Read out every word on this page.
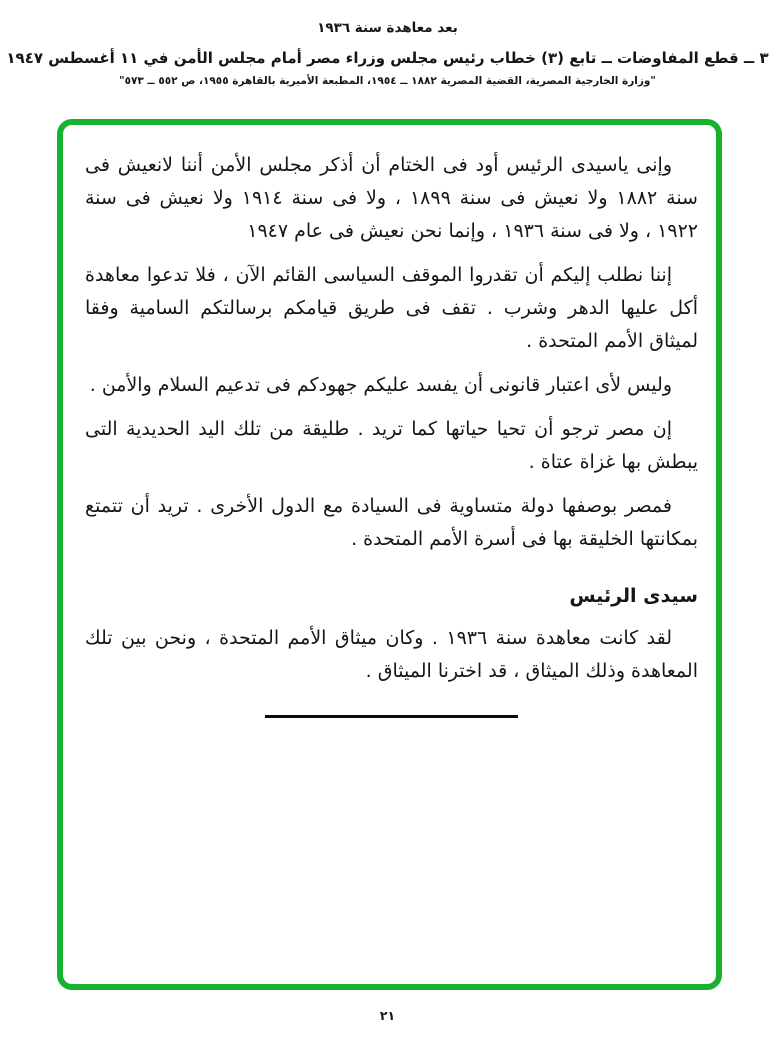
بعد معاهدة سنة ١٩٣٦
٣ ــ قطع المفاوضات ــ تابع (٣) خطاب رئيس مجلس وزراء مصر أمام مجلس الأمن في ١١ أغسطس ١٩٤٧
"وزارة الخارجية المصرية، القضية المصرية ١٨٨٢ ــ ١٩٥٤، المطبعة الأميرية بالقاهرة ١٩٥٥، ص ٥٥٢ ــ ٥٧٣"

وإنى ياسيدى الرئيس أود فى الختام أن أذكر مجلس الأمن أننا لانعيش فى سنة ١٨٨٢ ولا نعيش فى سنة ١٨٩٩ ، ولا فى سنة ١٩١٤ ولا نعيش فى سنة ١٩٢٢ ، ولا فى سنة ١٩٣٦ ، وإنما نحن نعيش فى عام ١٩٤٧

إننا نطلب إليكم أن تقدروا الموقف السياسى القائم الآن ، فلا تدعوا معاهدة أكل عليها الدهر وشرب . تقف فى طريق قيامكم برسالتكم السامية وفقا لميثاق الأمم المتحدة .

وليس لأى اعتبار قانونى أن يفسد عليكم جهودكم فى تدعيم السلام والأمن .

إن مصر ترجو أن تحيا حياتها كما تريد . طليقة من تلك اليد الحديدية التى يبطش بها غزاة عتاة .

فمصر بوصفها دولة متساوية فى السيادة مع الدول الأخرى . تريد أن تتمتع بمكانتها الخليقة بها فى أسرة الأمم المتحدة .

سيدى الرئيس

لقد كانت معاهدة سنة ١٩٣٦ . وكان ميثاق الأمم المتحدة ، ونحن بين تلك المعاهدة وذلك الميثاق ، قد اخترنا الميثاق .

٢١
